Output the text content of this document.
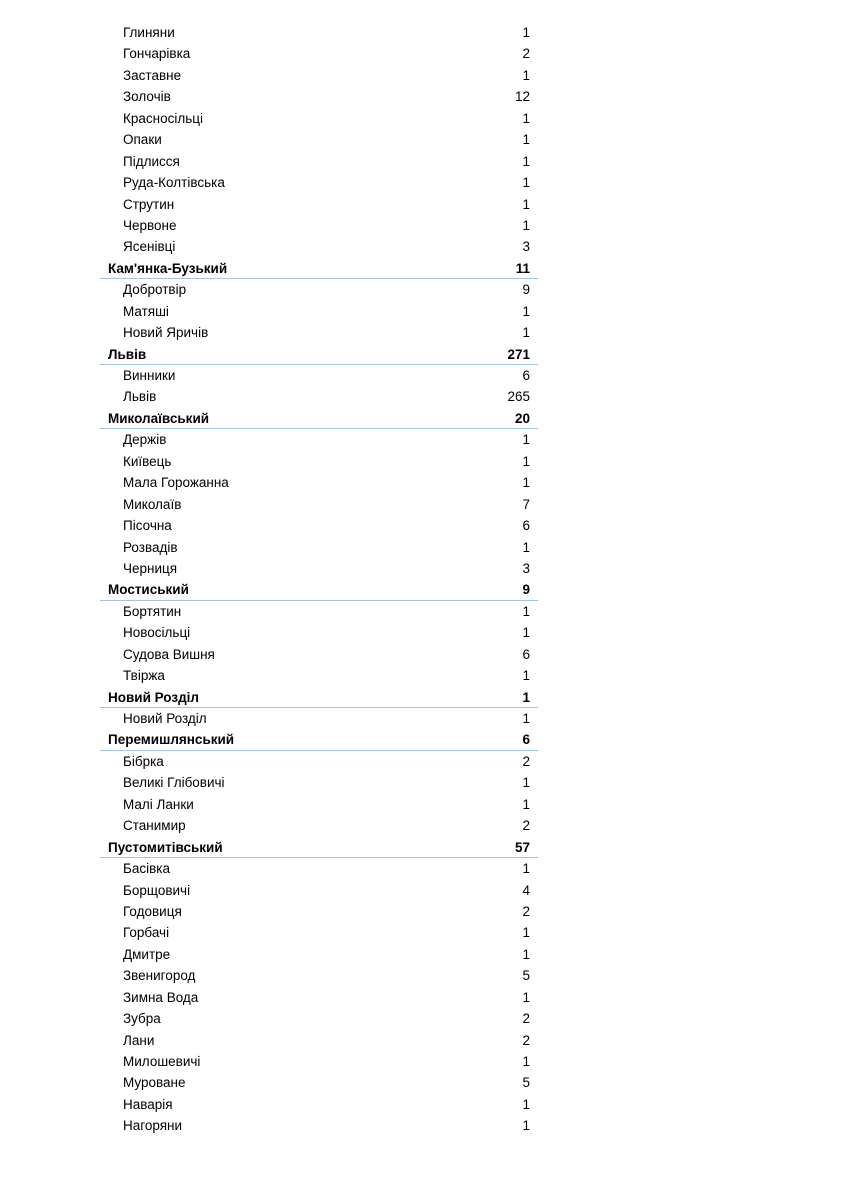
Глиняни	1
Гончарівка	2
Заставне	1
Золочів	12
Красносільці	1
Опаки	1
Підлисся	1
Руда-Колтівська	1
Струтин	1
Червоне	1
Ясенівці	3
Кам'янка-Бузький	11
Добротвір	9
Матяші	1
Новий Яричів	1
Львів	271
Винники	6
Львів	265
Миколаївський	20
Держів	1
Київець	1
Мала Горожанна	1
Миколаїв	7
Пісочна	6
Розвадів	1
Черниця	3
Мостиський	9
Бортятин	1
Новосільці	1
Судова Вишня	6
Твіржа	1
Новий Розділ	1
Новий Розділ	1
Перемишлянський	6
Бібрка	2
Великі Глібовичі	1
Малі Ланки	1
Станимир	2
Пустомитівський	57
Басівка	1
Борщовичі	4
Годовиця	2
Горбачі	1
Дмитре	1
Звенигород	5
Зимна Вода	1
Зубра	2
Лани	2
Милошевичі	1
Муроване	5
Наварія	1
Нагоряни	1
